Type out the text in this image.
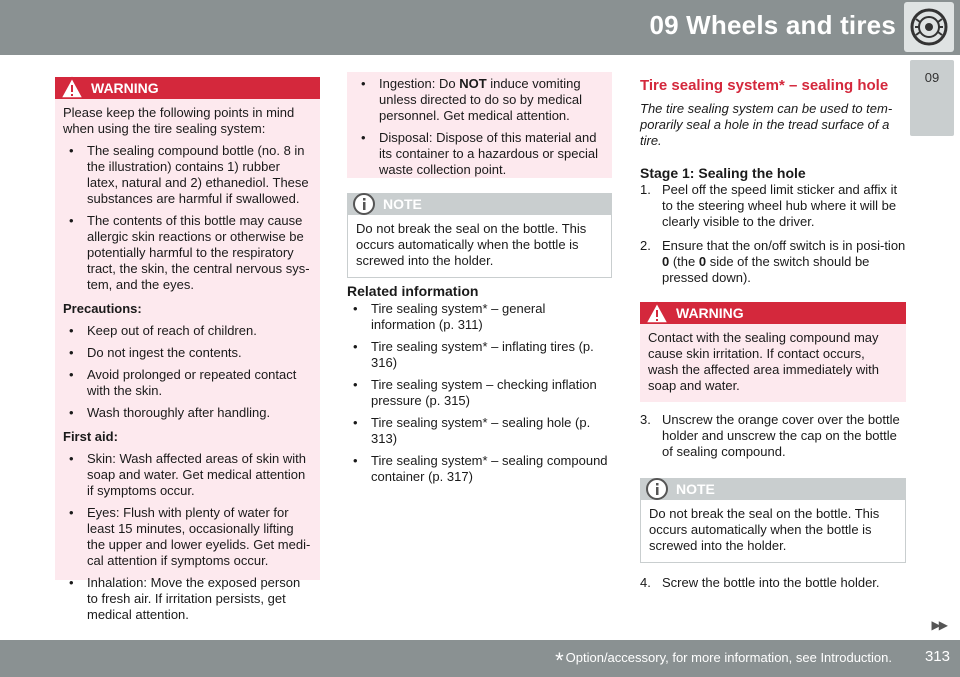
09 Wheels and tires
09
WARNING
Please keep the following points in mind when using the tire sealing system:
• The sealing compound bottle (no. 8 in the illustration) contains 1) rubber latex, natural and 2) ethanediol. These substances are harmful if swallowed.
• The contents of this bottle may cause allergic skin reactions or otherwise be potentially harmful to the respiratory tract, the skin, the central nervous sys-tem, and the eyes.
Precautions:
• Keep out of reach of children.
• Do not ingest the contents.
• Avoid prolonged or repeated contact with the skin.
• Wash thoroughly after handling.
First aid:
• Skin: Wash affected areas of skin with soap and water. Get medical attention if symptoms occur.
• Eyes: Flush with plenty of water for least 15 minutes, occasionally lifting the upper and lower eyelids. Get medi-cal attention if symptoms occur.
• Inhalation: Move the exposed person to fresh air. If irritation persists, get medical attention.
• Ingestion: Do NOT induce vomiting unless directed to do so by medical personnel. Get medical attention.
• Disposal: Dispose of this material and its container to a hazardous or special waste collection point.
NOTE
Do not break the seal on the bottle. This occurs automatically when the bottle is screwed into the holder.
Related information
• Tire sealing system* – general information (p. 311)
• Tire sealing system* – inflating tires (p. 316)
• Tire sealing system – checking inflation pressure (p. 315)
• Tire sealing system* – sealing hole (p. 313)
• Tire sealing system* – sealing compound container (p. 317)
Tire sealing system* – sealing hole
The tire sealing system can be used to tem-porarily seal a hole in the tread surface of a tire.
Stage 1: Sealing the hole
1. Peel off the speed limit sticker and affix it to the steering wheel hub where it will be clearly visible to the driver.
2. Ensure that the on/off switch is in posi-tion 0 (the 0 side of the switch should be pressed down).
WARNING
Contact with the sealing compound may cause skin irritation. If contact occurs, wash the affected area immediately with soap and water.
3. Unscrew the orange cover over the bottle holder and unscrew the cap on the bottle of sealing compound.
NOTE
Do not break the seal on the bottle. This occurs automatically when the bottle is screwed into the holder.
4. Screw the bottle into the bottle holder.
▶▶
* Option/accessory, for more information, see Introduction. 313
